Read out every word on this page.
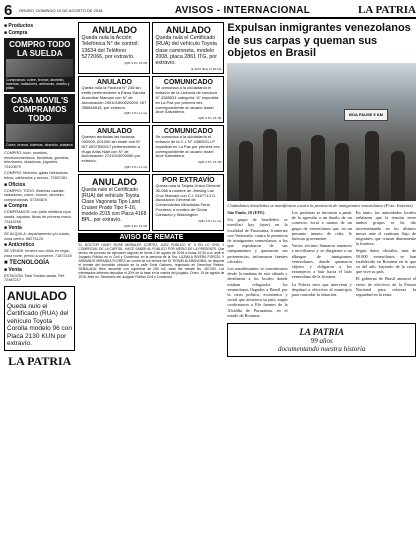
6	ORURO, DOMINGO 19 DE AGOSTO DE 2018	AVISOS - INTERNACIONAL	LA PATRIA
■ Productos
■ Compra
COMPRO TODO LA SUELDA
Compramos: cobre, bronce, aluminio, baterías, radiadores, antimonio, estaño y plata.
CASA MOVIL'S COMPRAMOS TODO
Cobre, bronce, baterías, aluminio, chatarra
COMPRO: todo, muebles, electrodomésticos, bicicletas, garrafas, televisores, lavadoras, juguetes. 72420879
COMPRO: Motores, gatas hidráulicas, tubos, cableados y aceros. 72487451
■ Oficios
COMPRO: TODO: Baterías usadas, radiadores, cobre, bronce, aluminio, computadoras. 67254876
■ Compra
COMPRAMOS: con plata metálica ropa usada, zapatos, libros de primera mano. 72443765
■ Venta
SE ALQUILA: departamento y/o cuarto, zona centro. 68273125
■ Anticrético
SE VENDE: terreno con título en regla, zona norte, precio a convenir. 71872145
■ TECNOLOGÍA
■ Venta
ESTACIÓN Total Sokkia usada. Ref. 72487217
ANULADO
Queda nulo el Certificado (RUA) del vehículo Toyota Corolla modelo 96 con Placa 2130 KUN por extravío.
LA PATRIA
ANULADO
Queda nula la Acción Telefónica N° de control: 13634 del Teléfono 5272066, por extravío.
(Q81 3 8 L 15 15)
ANULADO
Queda nula el Certificado (RUA) del vehículo Toyota clase camioneta, modelo 2008, placa 2861 ITG, por extravío.
(1-1272 dha) 17 16 19)
ANULADO
Queda nula la Factura N° 245 sin emitir perteneciente a Elena Sandra Arancibar Mamani con N° de Autorización 249101600020000, NIT 356848915, por extravío.
(Q81 3 8 L 1L 1L)
COMUNICADO
Se comunica a la ciudadanía el extravío de la Licencia de conducir N° 4385531 categoría “A” expedida en La Paz por primera vez, correspondiente al usuario Israel Arce Salvatierra.
(Q81 3 8 L 15 15)
ANULADO
Quedan anuladas las facturas 000009, 001000 sin emitir con N° NIT 6537550017 perteneciente a Hugo Arias Nalli con N° de Autorización 2741010000080 por extravío.
(Q81 3 8 L 1L 1L)
COMUNICADO
Se comunica a la ciudadanía el extravío de la C.I. N° 4385531 LP expedida en La Paz por primera vez, correspondiente al usuario Israel Arce Salvatierra.
(Q81 3 8 L 15 15)
ANULADO
Queda nulo el Certificado (RUA) del vehículo Toyota Clase Vagoneta Tipo Land Cruiser Prado Tipo F-16, modelo 2015 con Placa 4168 BPL, por extravío.
(Q81 3 8 L 15 15)
POR EXTRAVÍO
Queda nula la Tarjeta Única General 36-066 a nombre de Jhesing Luz Cruz Mamani con C.I. 5167713 O. Asociación General de Comerciantes Minoristas Feria Frontera, a nombre de Gloria Camacho y Washington
(Q81 3 8 L 1L 1L)
AVISO DE REMATE
EL DOCTOR HAIDY ROSE MORALES CORTEZ, JUEZ PÚBLICO N° 8 EN LO CIVIL Y COMERCIAL DE LA CAPITAL. HACE SABER AL PÚBLICO POR MEDIO DE LA PRESENTE. Que dentro del proceso de ejecución seguido en fecha 2 de agosto de 2018 a horas 10:30 a.m. ante el Juzgado Público en lo Civil y Comercial, en la persona de la Sra. LUZMILA RIVERA PORCEL Y ARMANDO MIRANDA FLORES en contra de los bienes del Sr. ROMELIA ARANCIBIA, se dispone el remate del inmueble ubicado en la calle Soria Galvarro, registrado en Derechos Reales. SEÑALADA: Bien inmueble con superficie de 250 m2, base del remate Bs. 487.000. Los interesados deberán depositar el 20% de la base en la cuenta del juzgado. Oruro, 15 de agosto de 2018. Ante mí: Secretario del Juzgado Público Civil y Comercial.
Expulsan inmigrantes venezolanos de sus carpas y queman sus objetos en Brasil
BOA PAUSE 5 KM
Ciudadanos brasileños se manifiestan contra la presencia de inmigrantes venezolanos (Foto: Internet)

São Paulo, 18 (EFE)

Un grupo de brasileños se movilizó hoy (ayer) en la localidad de Pacaraima, fronteriza con Venezuela, contra la presencia de inmigrantes venezolanos, a los que expulsaron de sus campamentos y quemaron sus pertenencias, informaron fuentes oficiales.

Los manifestantes se concentraron desde la mañana de este sábado y derribaron a los locales donde estaban refugiados los venezolanos llegados a Brasil por la crisis política, económica y social que atraviesa su país, según confirmaron a Efe fuentes de la Alcaldía de Pacaraima, en el estado de Roraima.

Los protestas se iniciaron a partir de la agresión a un dueño de un comercio local a manos de un grupo de venezolanos que, en un presunto intento de robo, le hirieron gravemente.

Varios vecinos llamaron entonces a movilizarse y se dirigieron a un albergue de inmigrantes venezolanos, donde quemaron objetos y obligaron a los extranjeros a huir hacia el lado venezolano de la frontera.

La Policía tuvo que intervenir y desplazó a efectivos al municipio para controlar la situación.

En tanto, las autoridades locales señalaron que la tensión entre ambos grupos se ha ido incrementando en los últimos meses ante el continuo flujo de migrantes que cruzan diariamente la frontera.

Según datos oficiales, más de 50.000 venezolanos se han establecido en Roraima en lo que va del año, huyendo de la crisis que vive su país.

El gobierno de Brasil anunció el envío de efectivos de la Fuerza Nacional para reforzar la seguridad en la zona.

LA PATRIA
99 años
documentando nuestra historia
